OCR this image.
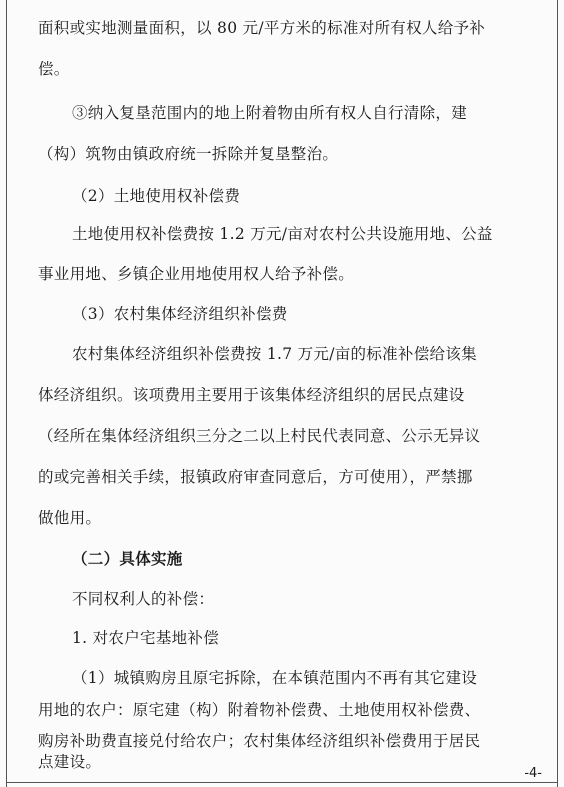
面积或实地测量面积，以 80 元/平方米的标准对所有权人给予补
偿。
③纳入复垦范围内的地上附着物由所有权人自行清除，建
（构）筑物由镇政府统一拆除并复垦整治。
（2）土地使用权补偿费
土地使用权补偿费按 1.2 万元/亩对农村公共设施用地、公益
事业用地、乡镇企业用地使用权人给予补偿。
（3）农村集体经济组织补偿费
农村集体经济组织补偿费按 1.7 万元/亩的标准补偿给该集
体经济组织。该项费用主要用于该集体经济组织的居民点建设
（经所在集体经济组织三分之二以上村民代表同意、公示无异议
的或完善相关手续，报镇政府审查同意后，方可使用），严禁挪
做他用。
（二）具体实施
不同权利人的补偿：
1. 对农户宅基地补偿
（1）城镇购房且原宅拆除，在本镇范围内不再有其它建设
用地的农户：原宅建（构）附着物补偿费、土地使用权补偿费、
购房补助费直接兑付给农户；农村集体经济组织补偿费用于居民
-4-
点建设。
